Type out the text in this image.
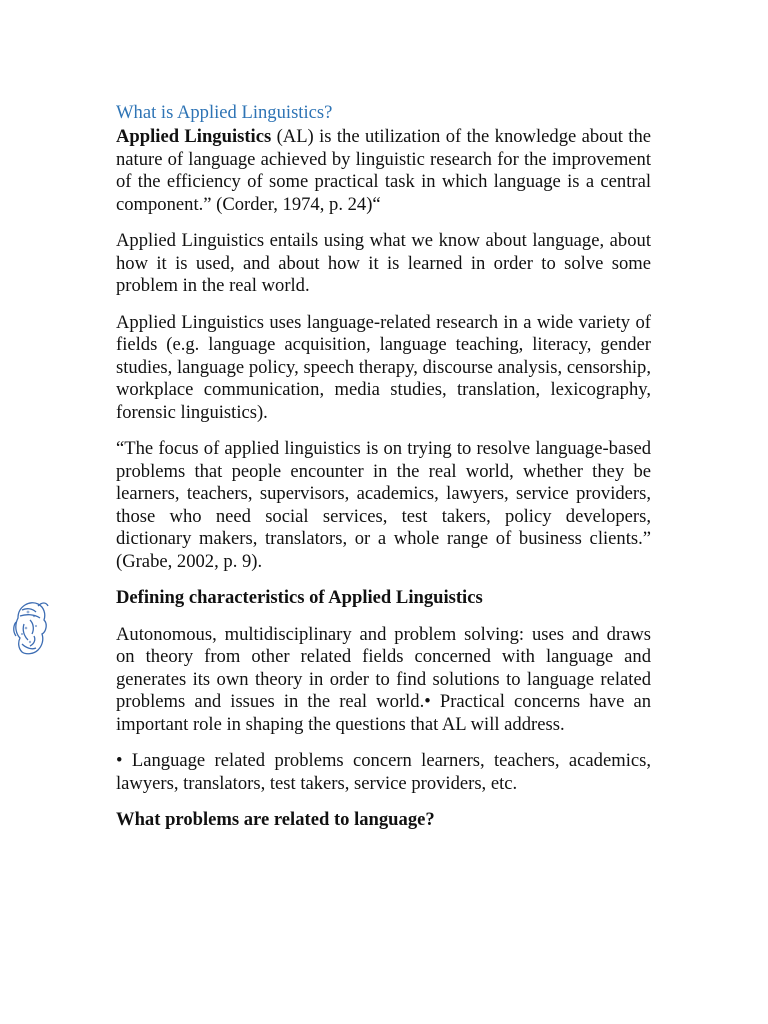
What is Applied Linguistics?

Applied Linguistics (AL) is the utilization of the knowledge about the nature of language achieved by linguistic research for the improvement of the efficiency of some practical task in which language is a central component.” (Corder, 1974, p. 24)“

Applied Linguistics entails using what we know about language, about how it is used, and about how it is learned in order to solve some problem in the real world.

Applied Linguistics uses language-related research in a wide variety of fields (e.g. language acquisition, language teaching, literacy, gender studies, language policy, speech therapy, discourse analysis, censorship, workplace communication, media studies, translation, lexicography, forensic linguistics).

“The focus of applied linguistics is on trying to resolve language-based problems that people encounter in the real world, whether they be learners, teachers, supervisors, academics, lawyers, service providers, those who need social services, test takers, policy developers, dictionary makers, translators, or a whole range of business clients.” (Grabe, 2002, p. 9).

Defining characteristics of Applied Linguistics

Autonomous, multidisciplinary and problem solving: uses and draws on theory from other related fields concerned with language and generates its own theory in order to find solutions to language related problems and issues in the real world.• Practical concerns have an important role in shaping the questions that AL will address.

• Language related problems concern learners, teachers, academics, lawyers, translators, test takers, service providers, etc.

What problems are related to language?
